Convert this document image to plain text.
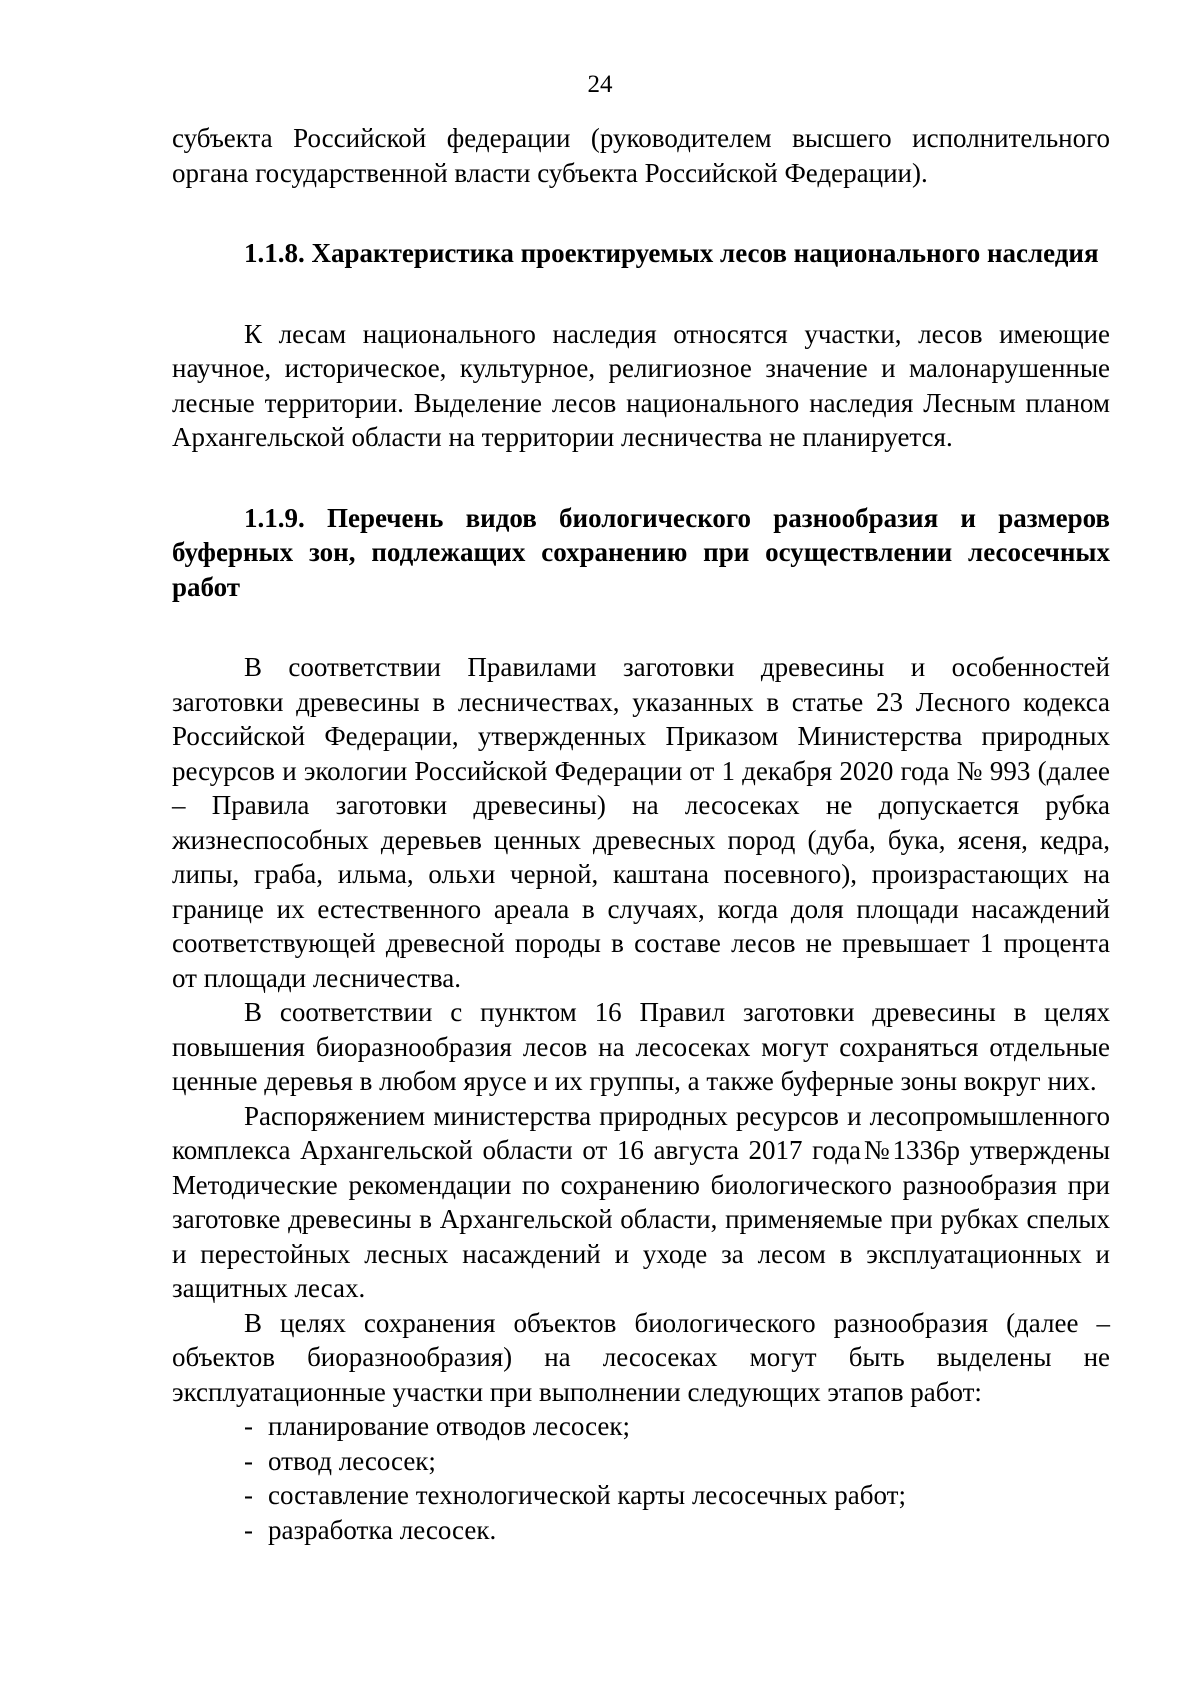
24

субъекта Российской федерации (руководителем высшего исполнительного органа государственной власти субъекта Российской Федерации).

1.1.8. Характеристика проектируемых лесов национального наследия

К лесам национального наследия относятся участки, лесов имеющие научное, историческое, культурное, религиозное значение и малонарушенные лесные территории. Выделение лесов национального наследия Лесным планом Архангельской области на территории лесничества не планируется.

1.1.9. Перечень видов биологического разнообразия и размеров буферных зон, подлежащих сохранению при осуществлении лесосечных работ

В соответствии Правилами заготовки древесины и особенностей заготовки древесины в лесничествах, указанных в статье 23 Лесного кодекса Российской Федерации, утвержденных Приказом Министерства природных ресурсов и экологии Российской Федерации от 1 декабря 2020 года № 993 (далее – Правила заготовки древесины) на лесосеках не допускается рубка жизнеспособных деревьев ценных древесных пород (дуба, бука, ясеня, кедра, липы, граба, ильма, ольхи черной, каштана посевного), произрастающих на границе их естественного ареала в случаях, когда доля площади насаждений соответствующей древесной породы в составе лесов не превышает 1 процента от площади лесничества.

В соответствии с пунктом 16 Правил заготовки древесины в целях повышения биоразнообразия лесов на лесосеках могут сохраняться отдельные ценные деревья в любом ярусе и их группы, а также буферные зоны вокруг них.

Распоряжением министерства природных ресурсов и лесопромышленного комплекса Архангельской области от 16 августа 2017 года№1336р утверждены Методические рекомендации по сохранению биологического разнообразия при заготовке древесины в Архангельской области, применяемые при рубках спелых и перестойных лесных насаждений и уходе за лесом в эксплуатационных и защитных лесах.

В целях сохранения объектов биологического разнообразия (далее – объектов биоразнообразия) на лесосеках могут быть выделены не эксплуатационные участки при выполнении следующих этапов работ:

- планирование отводов лесосек;
- отвод лесосек;
- составление технологической карты лесосечных работ;
- разработка лесосек.
